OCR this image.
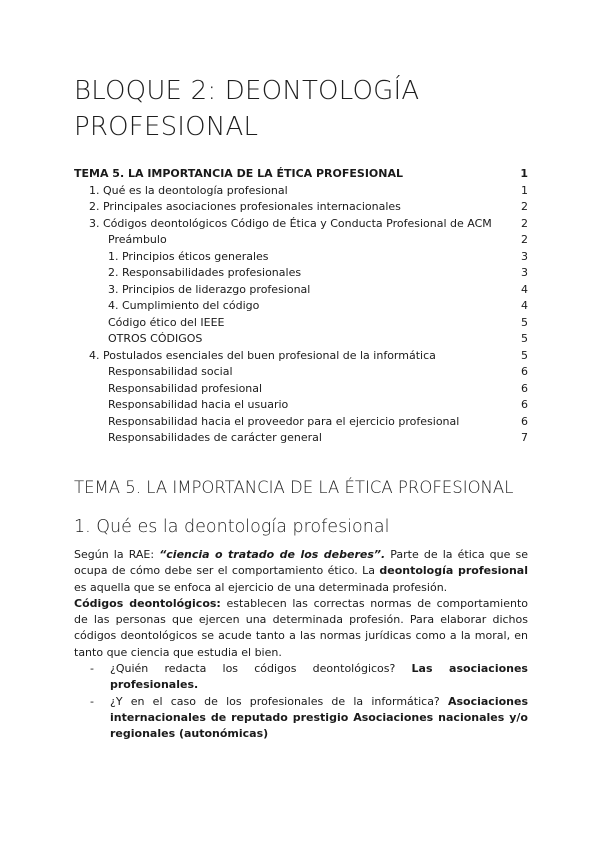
BLOQUE 2: DEONTOLOGÍA
PROFESIONAL
TEMA 5. LA IMPORTANCIA DE LA ÉTICA PROFESIONAL	1
1. Qué es la deontología profesional	1
2. Principales asociaciones profesionales internacionales	2
3. Códigos deontológicos Código de Ética y Conducta Profesional de ACM	2
Preámbulo	2
1. Principios éticos generales	3
2. Responsabilidades profesionales	3
3. Principios de liderazgo profesional	4
4. Cumplimiento del código	4
Código ético del IEEE	5
OTROS CÓDIGOS	5
4. Postulados esenciales del buen profesional de la informática	5
Responsabilidad social	6
Responsabilidad profesional	6
Responsabilidad hacia el usuario	6
Responsabilidad hacia el proveedor para el ejercicio profesional	6
Responsabilidades de carácter general	7
TEMA 5. LA IMPORTANCIA DE LA ÉTICA PROFESIONAL
1. Qué es la deontología profesional

Según la RAE: “ciencia o tratado de los deberes”. Parte de la ética que se ocupa de cómo debe ser el comportamiento ético. La deontología profesional es aquella que se enfoca al ejercicio de una determinada profesión.

Códigos deontológicos: establecen las correctas normas de comportamiento de las personas que ejercen una determinada profesión. Para elaborar dichos códigos deontológicos se acude tanto a las normas jurídicas como a la moral, en tanto que ciencia que estudia el bien.

- ¿Quién redacta los códigos deontológicos? Las asociaciones profesionales.
- ¿Y en el caso de los profesionales de la informática? Asociaciones internacionales de reputado prestigio Asociaciones nacionales y/o regionales (autonómicas)
